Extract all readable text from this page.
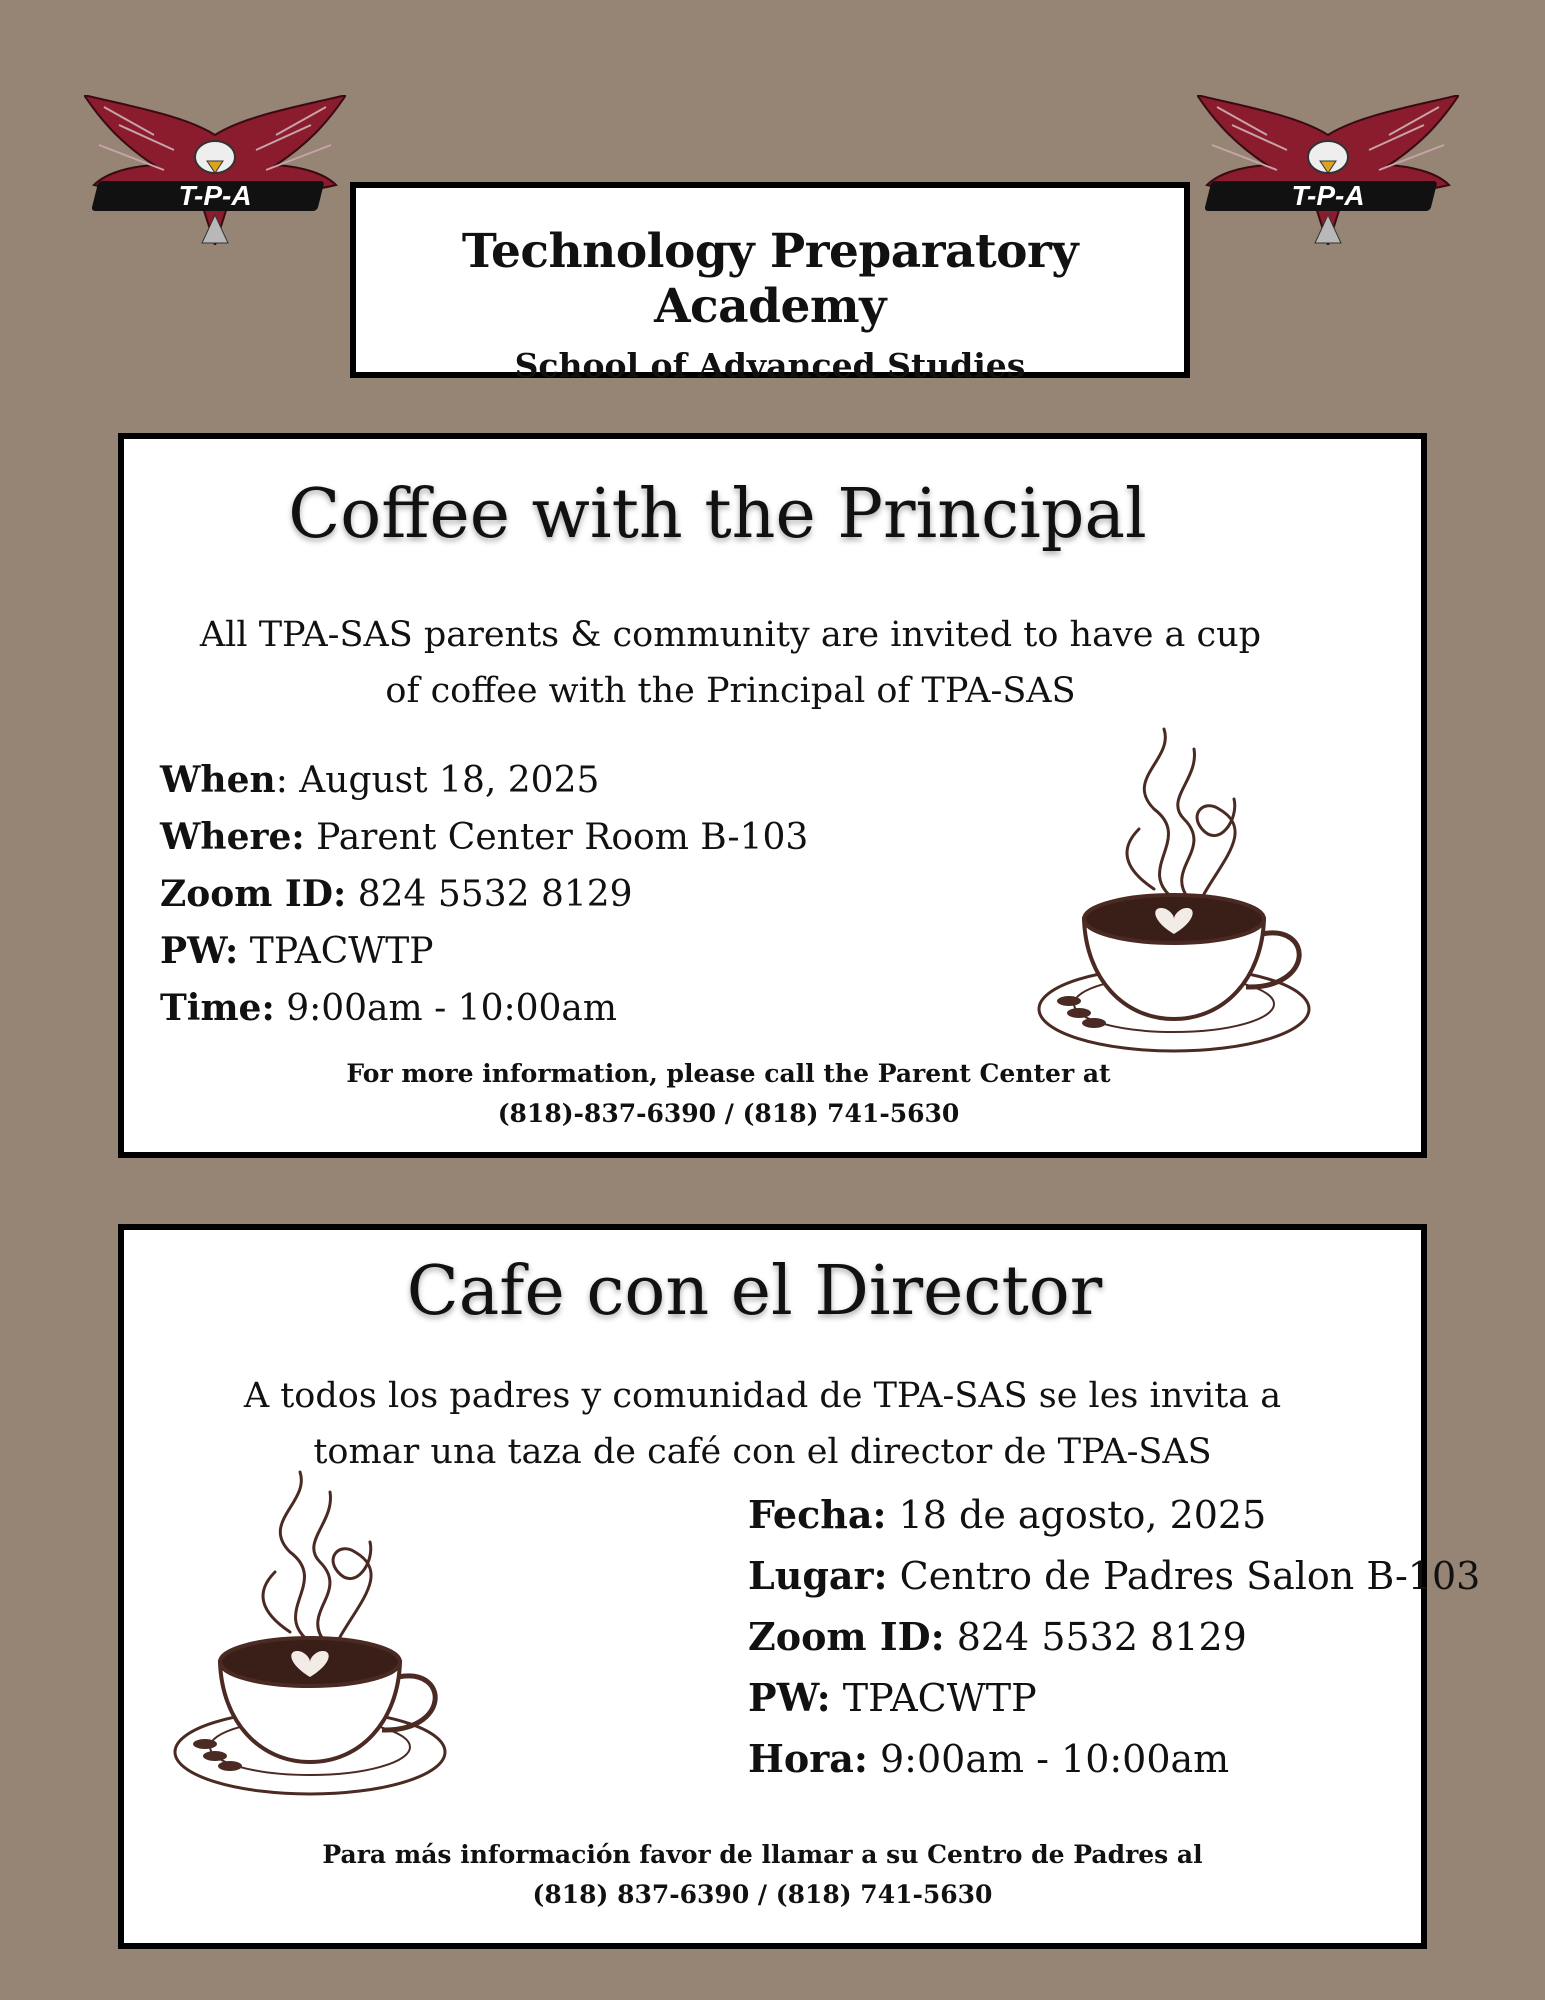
T-P-A	T-P-A
Technology Preparatory Academy
School of Advanced Studies
Coffee with the Principal
All TPA-SAS parents & community are invited to have a cup
of coffee with the Principal of TPA-SAS
When: August 18, 2025
Where: Parent Center Room B-103
Zoom ID: 824 5532 8129
PW: TPACWTP
Time: 9:00am - 10:00am
For more information, please call the Parent Center at
(818)-837-6390 / (818) 741-5630
Cafe con el Director
A todos los padres y comunidad de TPA-SAS se les invita a
tomar una taza de café con el director de TPA-SAS
Fecha: 18 de agosto, 2025
Lugar: Centro de Padres Salon B-103
Zoom ID: 824 5532 8129
PW: TPACWTP
Hora: 9:00am - 10:00am
Para más información favor de llamar a su Centro de Padres al
(818) 837-6390 / (818) 741-5630
